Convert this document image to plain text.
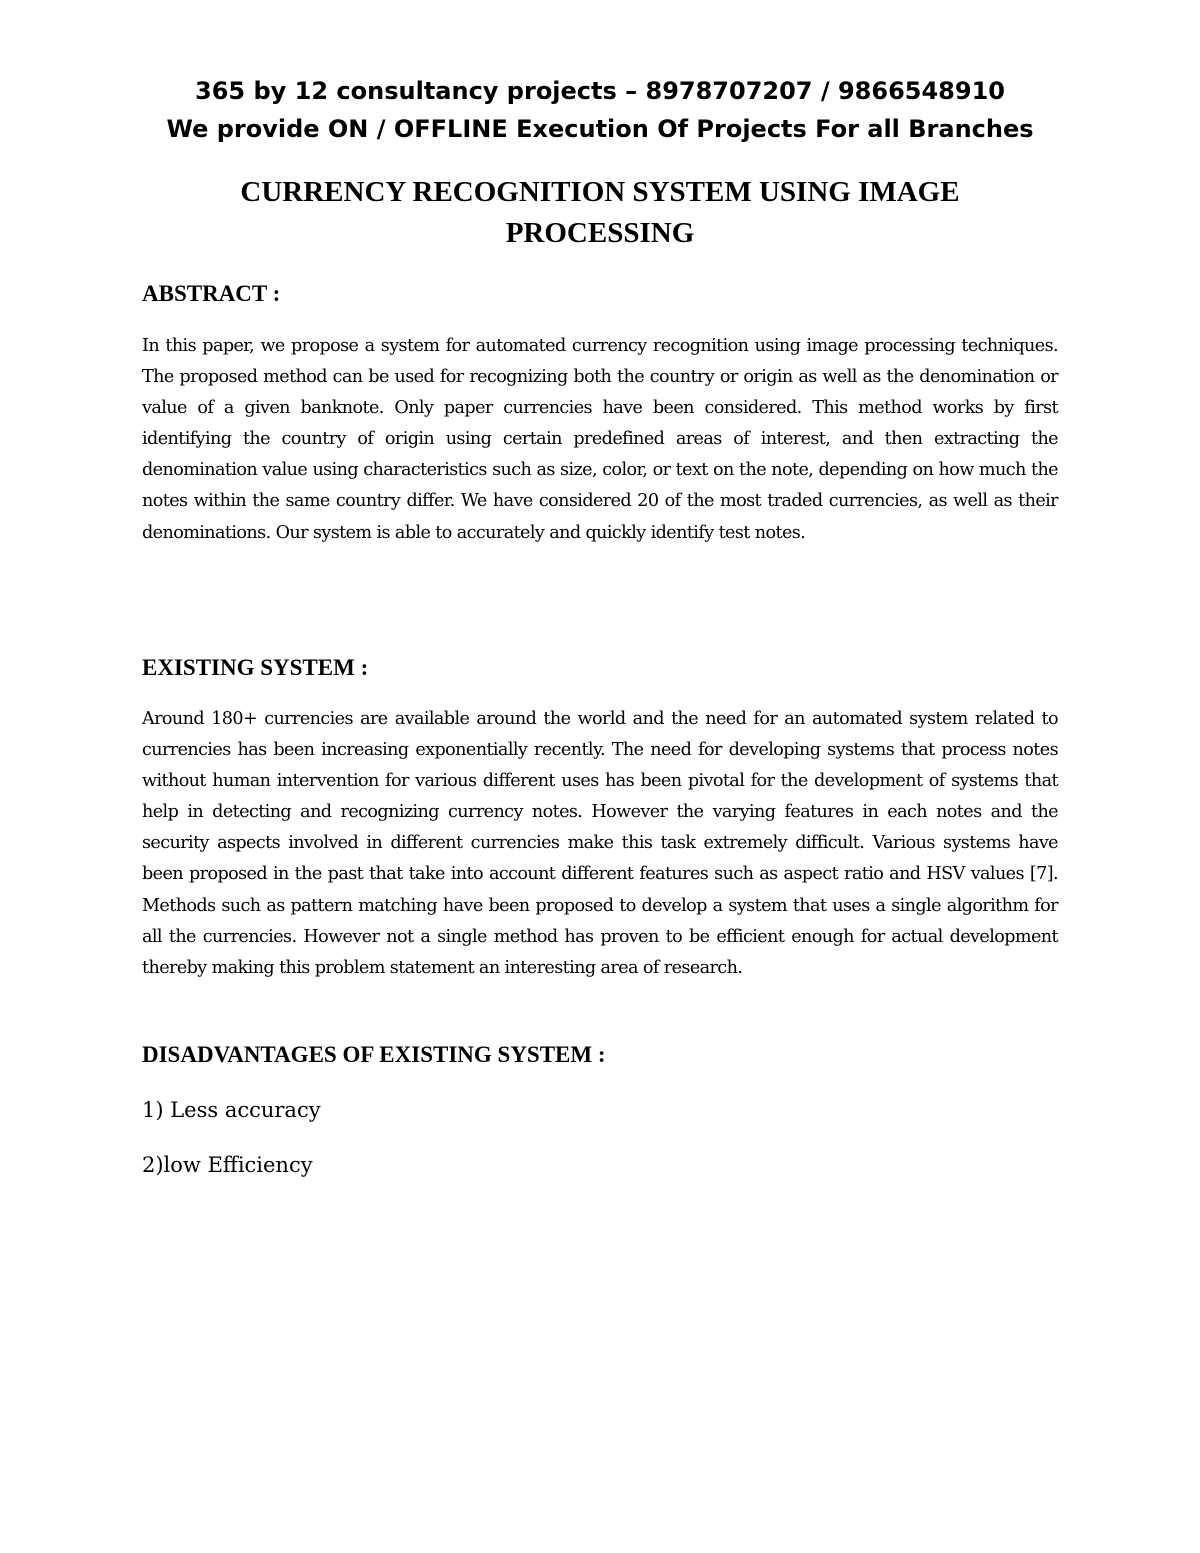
365 by 12 consultancy projects – 8978707207 / 9866548910
We provide ON / OFFLINE Execution Of Projects For all Branches
CURRENCY RECOGNITION SYSTEM USING IMAGE
PROCESSING
ABSTRACT :

In this paper, we propose a system for automated currency recognition using image processing techniques. The proposed method can be used for recognizing both the country or origin as well as the denomination or value of a given banknote. Only paper currencies have been considered. This method works by first identifying the country of origin using certain predefined areas of interest, and then extracting the denomination value using characteristics such as size, color, or text on the note, depending on how much the notes within the same country differ. We have considered 20 of the most traded currencies, as well as their denominations. Our system is able to accurately and quickly identify test notes.

EXISTING SYSTEM :

Around 180+ currencies are available around the world and the need for an automated system related to currencies has been increasing exponentially recently. The need for developing systems that process notes without human intervention for various different uses has been pivotal for the development of systems that help in detecting and recognizing currency notes. However the varying features in each notes and the security aspects involved in different currencies make this task extremely difficult. Various systems have been proposed in the past that take into account different features such as aspect ratio and HSV values [7]. Methods such as pattern matching have been proposed to develop a system that uses a single algorithm for all the currencies. However not a single method has proven to be efficient enough for actual development thereby making this problem statement an interesting area of research.

DISADVANTAGES OF EXISTING SYSTEM :

1) Less accuracy

2)low Efficiency
